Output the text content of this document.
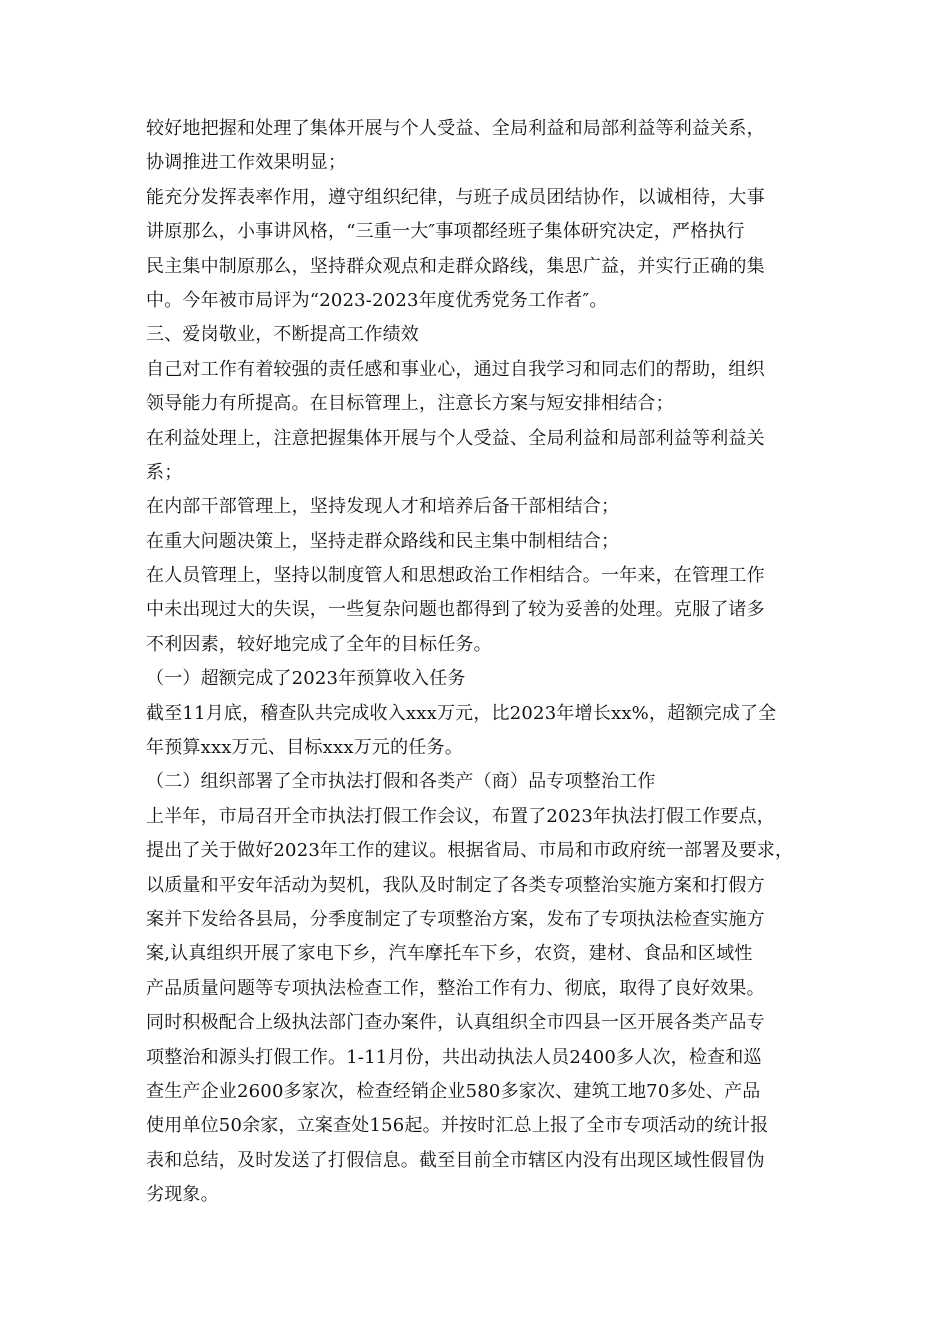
较好地把握和处理了集体开展与个人受益、全局利益和局部利益等利益关系，
协调推进工作效果明显；
能充分发挥表率作用，遵守组织纪律，与班子成员团结协作，以诚相待，大事
讲原那么，小事讲风格，“三重一大″事项都经班子集体研究决定，严格执行
民主集中制原那么，坚持群众观点和走群众路线，集思广益，并实行正确的集
中。今年被市局评为“2023-2023年度优秀党务工作者″。
三、爱岗敬业，不断提高工作绩效
自己对工作有着较强的责任感和事业心，通过自我学习和同志们的帮助，组织
领导能力有所提高。在目标管理上，注意长方案与短安排相结合；
在利益处理上，注意把握集体开展与个人受益、全局利益和局部利益等利益关
系；
在内部干部管理上，坚持发现人才和培养后备干部相结合；
在重大问题决策上，坚持走群众路线和民主集中制相结合；
在人员管理上，坚持以制度管人和思想政治工作相结合。一年来，在管理工作
中未出现过大的失误，一些复杂问题也都得到了较为妥善的处理。克服了诸多
不利因素，较好地完成了全年的目标任务。
（一）超额完成了2023年预算收入任务
截至11月底，稽查队共完成收入xxx万元，比2023年增长xx%，超额完成了全
年预算xxx万元、目标xxx万元的任务。
（二）组织部署了全市执法打假和各类产（商）品专项整治工作
上半年，市局召开全市执法打假工作会议，布置了2023年执法打假工作要点，
提出了关于做好2023年工作的建议。根据省局、市局和市政府统一部署及要求，
以质量和平安年活动为契机，我队及时制定了各类专项整治实施方案和打假方
案并下发给各县局，分季度制定了专项整治方案，发布了专项执法检查实施方
案,认真组织开展了家电下乡，汽车摩托车下乡，农资，建材、食品和区域性
产品质量问题等专项执法检查工作，整治工作有力、彻底，取得了良好效果。
同时积极配合上级执法部门查办案件，认真组织全市四县一区开展各类产品专
项整治和源头打假工作。1-11月份，共出动执法人员2400多人次，检查和巡
查生产企业2600多家次，检查经销企业580多家次、建筑工地70多处、产品
使用单位50余家，立案查处156起。并按时汇总上报了全市专项活动的统计报
表和总结，及时发送了打假信息。截至目前全市辖区内没有出现区域性假冒伪
劣现象。
